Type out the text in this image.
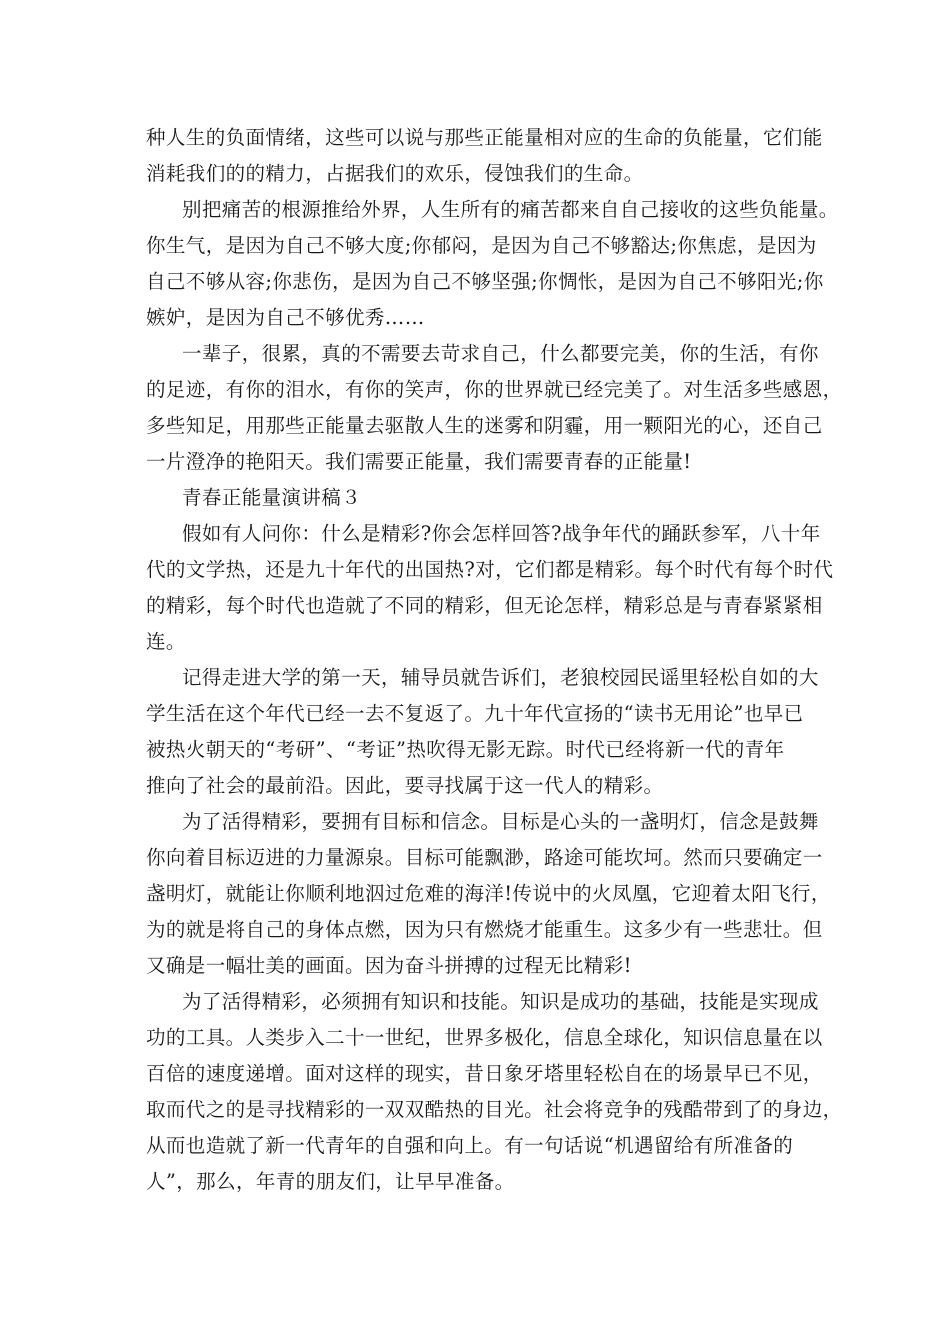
种人生的负面情绪，这些可以说与那些正能量相对应的生命的负能量，它们能
消耗我们的的精力，占据我们的欢乐，侵蚀我们的生命。
别把痛苦的根源推给外界，人生所有的痛苦都来自自己接收的这些负能量。
你生气，是因为自己不够大度;你郁闷，是因为自己不够豁达;你焦虑，是因为
自己不够从容;你悲伤，是因为自己不够坚强;你惆怅，是因为自己不够阳光;你
嫉妒，是因为自己不够优秀……
一辈子，很累，真的不需要去苛求自己，什么都要完美，你的生活，有你
的足迹，有你的泪水，有你的笑声，你的世界就已经完美了。对生活多些感恩，
多些知足，用那些正能量去驱散人生的迷雾和阴霾，用一颗阳光的心，还自己
一片澄净的艳阳天。我们需要正能量，我们需要青春的正能量!
青春正能量演讲稿３
假如有人问你：什么是精彩?你会怎样回答?战争年代的踊跃参军，八十年
代的文学热，还是九十年代的出国热?对，它们都是精彩。每个时代有每个时代
的精彩，每个时代也造就了不同的精彩，但无论怎样，精彩总是与青春紧紧相
连。
记得走进大学的第一天，辅导员就告诉们，老狼校园民谣里轻松自如的大
学生活在这个年代已经一去不复返了。九十年代宣扬的“读书无用论”也早已
被热火朝天的“考研”、“考证”热吹得无影无踪。时代已经将新一代的青年
推向了社会的最前沿。因此，要寻找属于这一代人的精彩。
为了活得精彩，要拥有目标和信念。目标是心头的一盏明灯，信念是鼓舞
你向着目标迈进的力量源泉。目标可能飘渺，路途可能坎坷。然而只要确定一
盏明灯，就能让你顺利地泅过危难的海洋!传说中的火凤凰，它迎着太阳飞行，
为的就是将自己的身体点燃，因为只有燃烧才能重生。这多少有一些悲壮。但
又确是一幅壮美的画面。因为奋斗拼搏的过程无比精彩!
为了活得精彩，必须拥有知识和技能。知识是成功的基础，技能是实现成
功的工具。人类步入二十一世纪，世界多极化，信息全球化，知识信息量在以
百倍的速度递增。面对这样的现实，昔日象牙塔里轻松自在的场景早已不见，
取而代之的是寻找精彩的一双双酷热的目光。社会将竞争的残酷带到了的身边，
从而也造就了新一代青年的自强和向上。有一句话说“机遇留给有所准备的
人”，那么，年青的朋友们，让早早准备。
